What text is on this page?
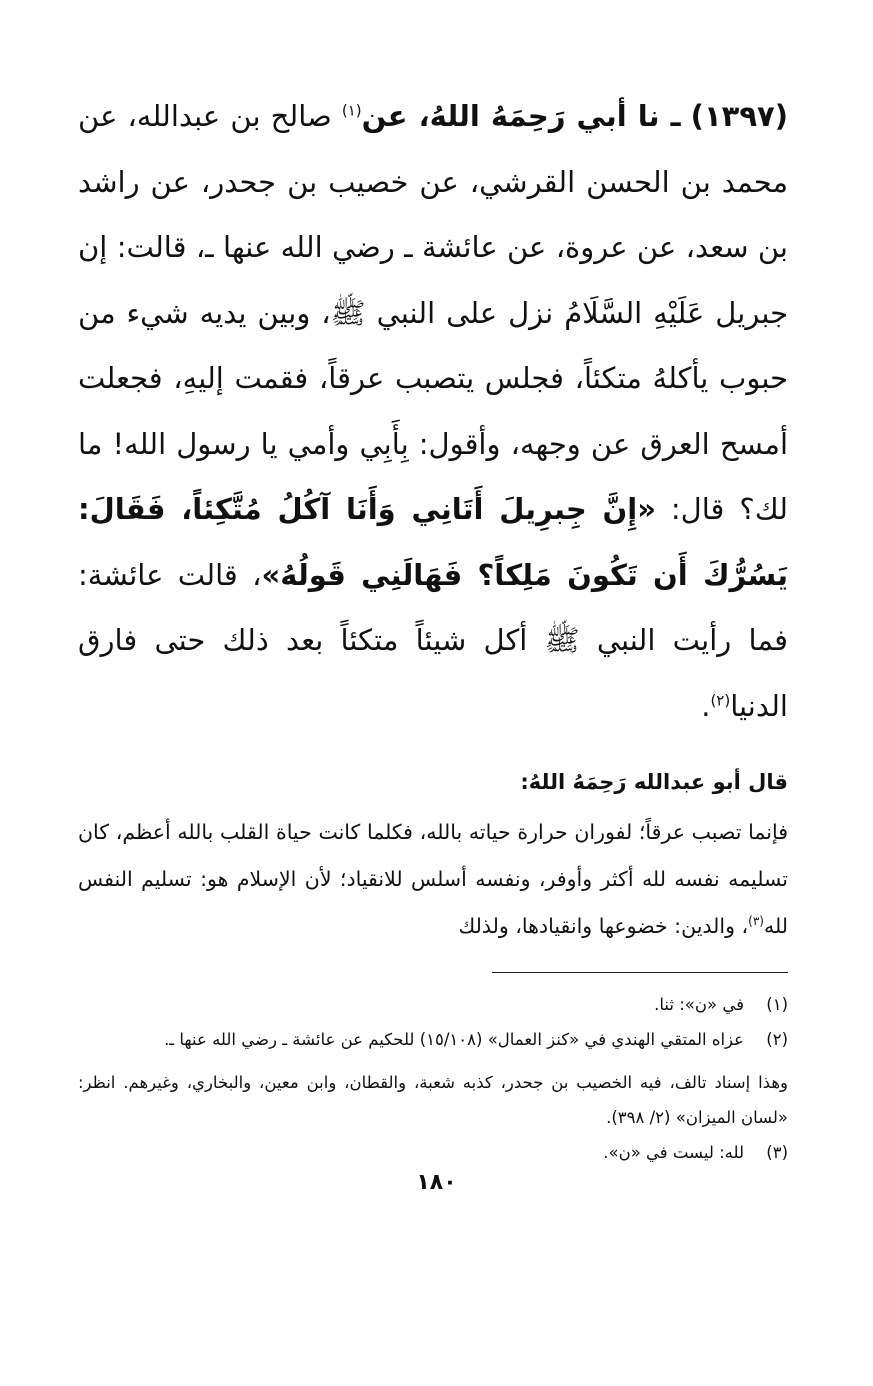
(١٣٩٧) ـ نا أبي رَحِمَهُ اللهُ، عن$^{(١)}$ صالح بن عبدالله، عن محمد بن الحسن القرشي، عن خصيب بن جحدر، عن راشد بن سعد، عن عروة، عن عائشة ـ رضي الله عنها ـ، قالت: إن جبريل عَلَيْهِ السَّلَامُ نزل على النبي ﷺ، وبين يديه شيء من حبوب يأكلهُ متكئاً، فجلس يتصبب عرقاً، فقمت إليهِ، فجعلت أمسح العرق عن وجهه، وأقول: بِأَبِي وأمي يا رسول الله! ما لك؟ قال: «إِنَّ جِبرِيلَ أَتَانِي وَأَنَا آكُلُ مُتَّكِئاً، فَقَالَ: يَسُرُّكَ أَن تَكُونَ مَلِكاً؟ فَهَالَنِي قَولُهُ»، قالت عائشة: فما رأيت النبي ﷺ أكل شيئاً متكئاً بعد ذلك حتى فارق الدنيا$^{(٢)}$.

قال أبو عبدالله رَحِمَهُ اللهُ:

فإنما تصبب عرقاً؛ لفوران حرارة حياته بالله، فكلما كانت حياة القلب بالله أعظم، كان تسليمه نفسه لله أكثر وأوفر، ونفسه أسلس للانقياد؛ لأن الإسلام هو: تسليم النفس لله$^{(٣)}$، والدين: خضوعها وانقيادها، ولذلك

(١)
في «ن»: ثنا.
(٢)
عزاه المتقي الهندي في «كنز العمال» (١٥/١٠٨) للحكيم عن عائشة ـ رضي الله عنها ـ.
وهذا إسناد تالف، فيه الخصيب بن جحدر، كذبه شعبة، والقطان، وابن معين، والبخاري، وغيرهم. انظر: «لسان الميزان» (٢/ ٣٩٨).
(٣)
لله: ليست في «ن».
١٨٠
